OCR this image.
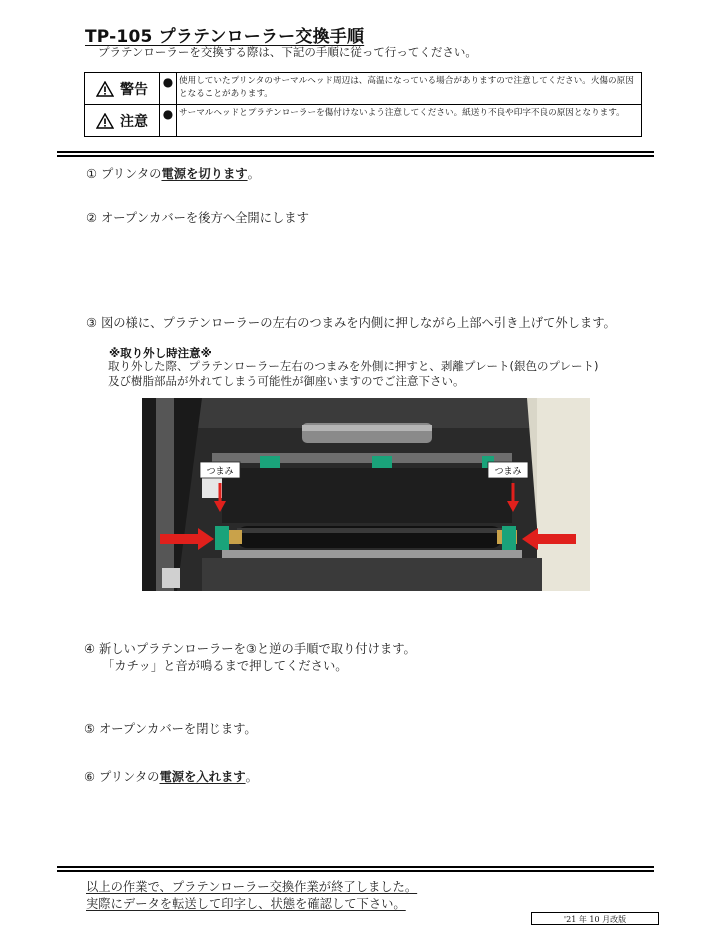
TP-105 プラテンローラー交換手順
プラテンローラーを交換する際は、下記の手順に従って行ってください。
警告	●	使用していたプリンタのサーマルヘッド周辺は、高温になっている場合がありますので注意してください。火傷の原因となることがあります。
注意	●	サーマルヘッドとプラテンローラーを傷付けないよう注意してください。紙送り不良や印字不良の原因となります。
① プリンタの電源を切ります。
② オープンカバーを後方へ全開にします
③ 図の様に、プラテンローラーの左右のつまみを内側に押しながら上部へ引き上げて外します。
※取り外し時注意※
取り外した際、プラテンローラー左右のつまみを外側に押すと、剥離プレート(銀色のプレート)
及び樹脂部品が外れてしまう可能性が御座いますのでご注意下さい。
つまみ	つまみ
④ 新しいプラテンローラーを③と逆の手順で取り付けます。
「カチッ」と音が鳴るまで押してください。
⑤ オープンカバーを閉じます。
⑥ プリンタの電源を入れます。
以上の作業で、プラテンローラー交換作業が終了しました。
実際にデータを転送して印字し、状態を確認して下さい。
'21 年 10 月改版
